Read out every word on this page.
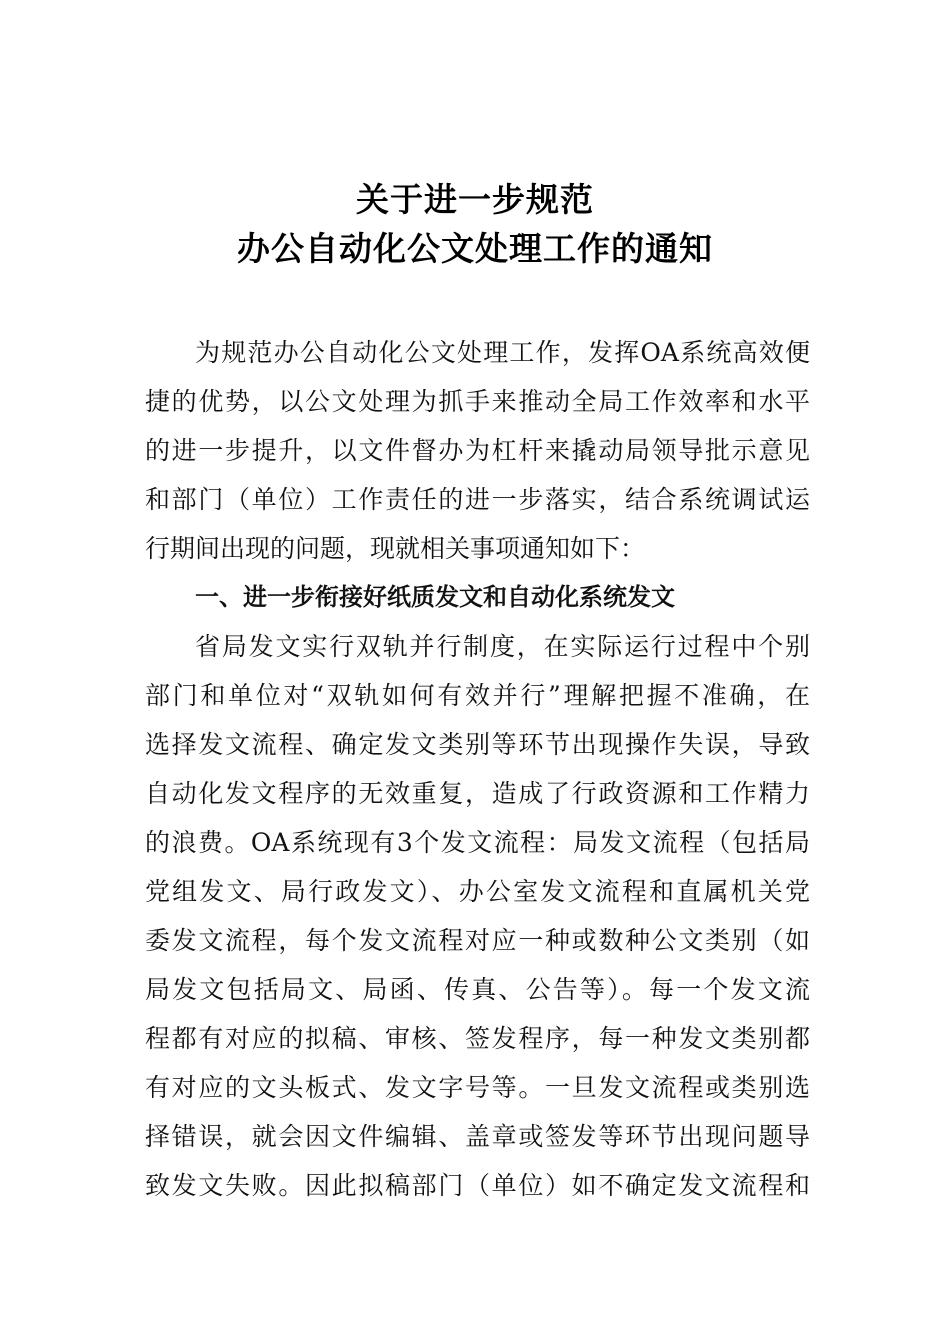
关于进一步规范
办公自动化公文处理工作的通知
为规范办公自动化公文处理工作，发挥OA系统高效便
捷的优势，以公文处理为抓手来推动全局工作效率和水平
的进一步提升，以文件督办为杠杆来撬动局领导批示意见
和部门（单位）工作责任的进一步落实，结合系统调试运
行期间出现的问题，现就相关事项通知如下：
一、进一步衔接好纸质发文和自动化系统发文
省局发文实行双轨并行制度，在实际运行过程中个别
部门和单位对“双轨如何有效并行”理解把握不准确，在
选择发文流程、确定发文类别等环节出现操作失误，导致
自动化发文程序的无效重复，造成了行政资源和工作精力
的浪费。OA系统现有3个发文流程：局发文流程（包括局
党组发文、局行政发文）、办公室发文流程和直属机关党
委发文流程，每个发文流程对应一种或数种公文类别（如
局发文包括局文、局函、传真、公告等）。每一个发文流
程都有对应的拟稿、审核、签发程序，每一种发文类别都
有对应的文头板式、发文字号等。一旦发文流程或类别选
择错误，就会因文件编辑、盖章或签发等环节出现问题导
致发文失败。因此拟稿部门（单位）如不确定发文流程和
